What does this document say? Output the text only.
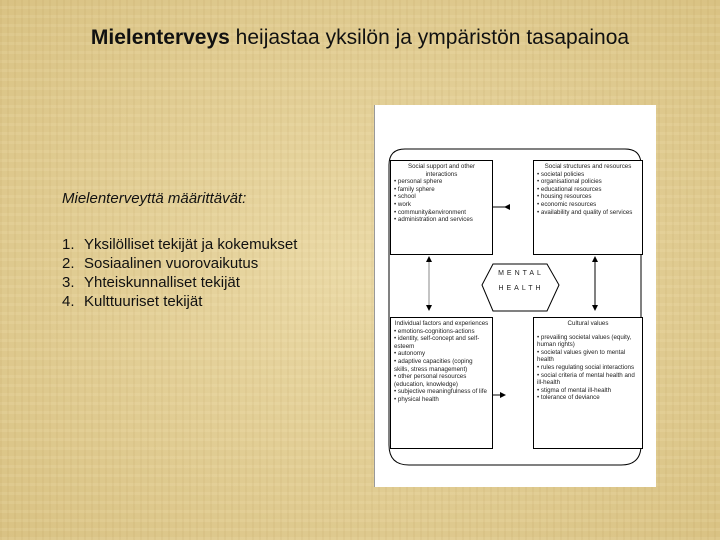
Mielenterveys heijastaa yksilön ja ympäristön tasapainoa
Mielenterveyttä määrittävät:
1. Yksilölliset tekijät ja kokemukset
2. Sosiaalinen vuorovaikutus
3. Yhteiskunnalliset tekijät
4. Kulttuuriset tekijät
MENTAL
HEALTH
Social support and other interactions
• personal sphere
• family sphere
• school
• work
• community&environment
• administration and services
Social structures and resources
• societal policies
• organisational policies
• educational resources
• housing resources
• economic resources
• availability and quality of services
Individual factors and experiences
• emotions-cognitions-actions
• identity, self-concept and self-esteem
• autonomy
• adaptive capacities (coping skills, stress management)
• other personal resources (education, knowledge)
• subjective meaningfulness of life
• physical health
Cultural values
• prevailing societal values (equity, human rights)
• societal values given to mental health
• rules regulating social interactions
• social criteria of mental health and ill-health
• stigma of mental ill-health
• tolerance of deviance
